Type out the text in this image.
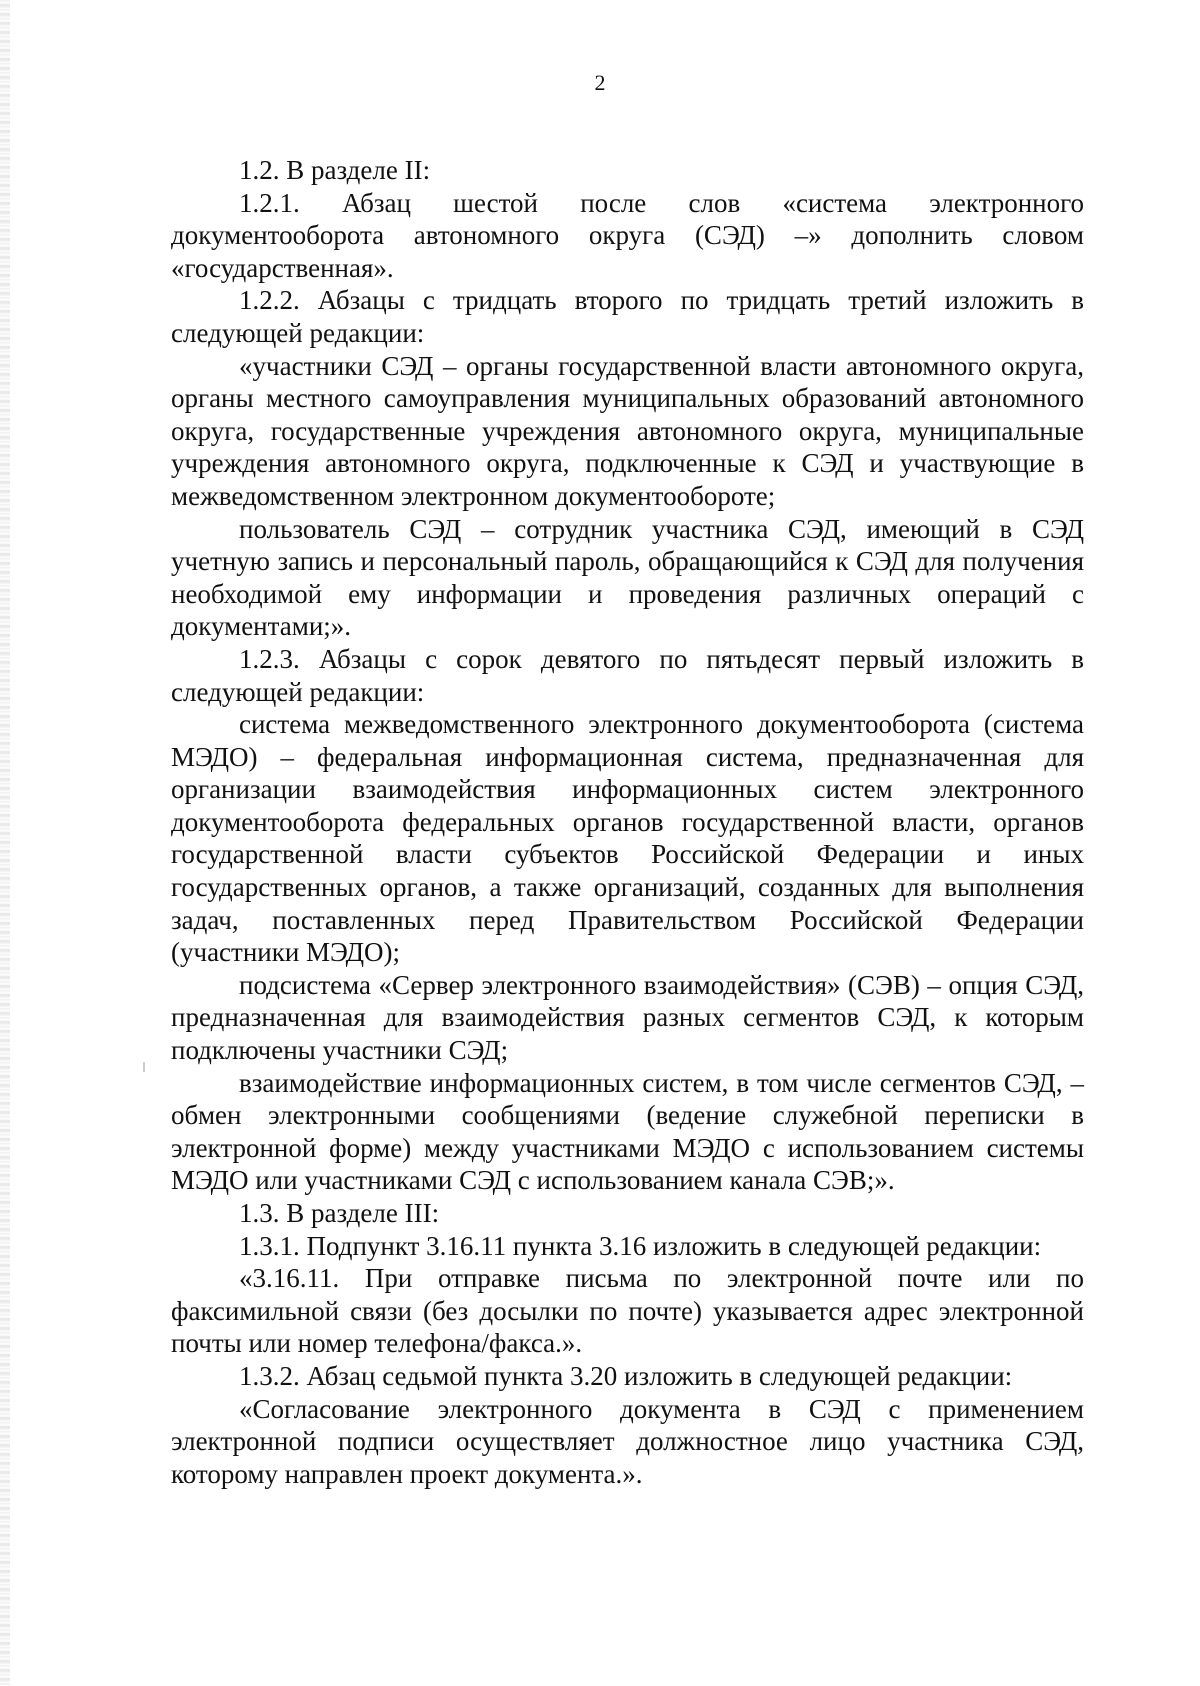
2

1.2. В разделе II:

1.2.1. Абзац шестой после слов «система электронного документооборота автономного округа (СЭД) –» дополнить словом «государственная».

1.2.2. Абзацы с тридцать второго по тридцать третий изложить в следующей редакции:

«участники СЭД – органы государственной власти автономного округа, органы местного самоуправления муниципальных образований автономного округа, государственные учреждения автономного округа, муниципальные учреждения автономного округа, подключенные к СЭД и участвующие в межведомственном электронном документообороте;

пользователь СЭД – сотрудник участника СЭД, имеющий в СЭД учетную запись и персональный пароль, обращающийся к СЭД для получения необходимой ему информации и проведения различных операций с документами;».

1.2.3. Абзацы с сорок девятого по пятьдесят первый изложить в следующей редакции:

система межведомственного электронного документооборота (система МЭДО) – федеральная информационная система, предназначенная для организации взаимодействия информационных систем электронного документооборота федеральных органов государственной власти, органов государственной власти субъектов Российской Федерации и иных государственных органов, а также организаций, созданных для выполнения задач, поставленных перед Правительством Российской Федерации (участники МЭДО);

подсистема «Сервер электронного взаимодействия» (СЭВ) – опция СЭД, предназначенная для взаимодействия разных сегментов СЭД, к которым подключены участники СЭД;

взаимодействие информационных систем, в том числе сегментов СЭД, – обмен электронными сообщениями (ведение служебной переписки в электронной форме) между участниками МЭДО с использованием системы МЭДО или участниками СЭД с использованием канала СЭВ;».

1.3. В разделе III:

1.3.1. Подпункт 3.16.11 пункта 3.16 изложить в следующей редакции:

«3.16.11. При отправке письма по электронной почте или по факсимильной связи (без досылки по почте) указывается адрес электронной почты или номер телефона/факса.».

1.3.2. Абзац седьмой пункта 3.20 изложить в следующей редакции:

«Согласование электронного документа в СЭД с применением электронной подписи осуществляет должностное лицо участника СЭД, которому направлен проект документа.».
